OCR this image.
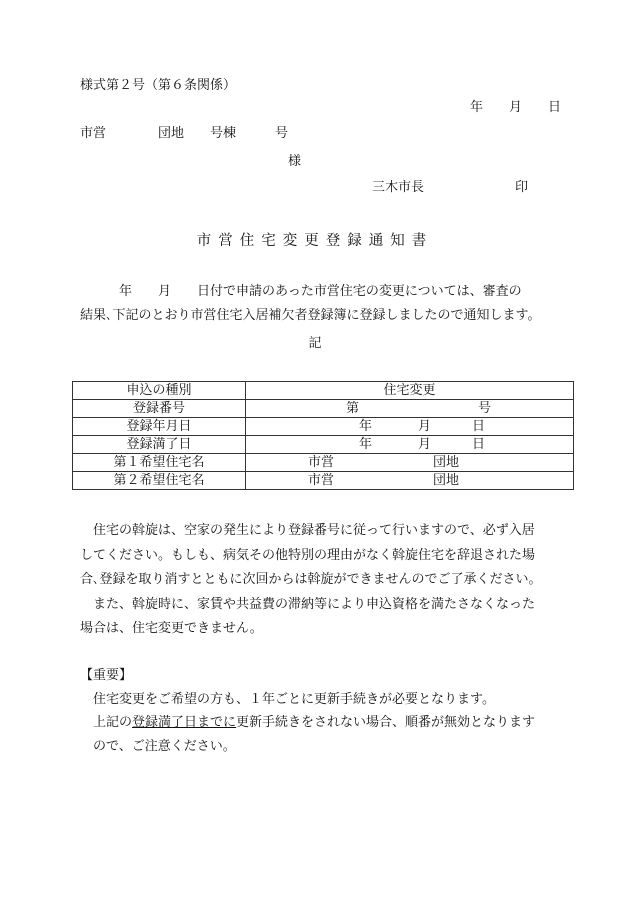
様式第２号（第６条関係）
年　　月　　日
市営　　　　団地　　号棟　　　号
様
三木市長　　　　　　　印
市営住宅変更登録通知書

　　　年　　月　　日付で申請のあった市営住宅の変更については、審査の

結果､下記のとおり市営住宅入居補欠者登録簿に登録しましたので通知します。

記
申込の種別	住宅変更
登録番号	第 号

登録年月日	年 月 日

登録満了日	年 月 日

第１希望住宅名	市営 団地

第２希望住宅名	市営 団地

　住宅の斡旋は、空家の発生により登録番号に従って行いますので、必ず入居

してください。もしも、病気その他特別の理由がなく斡旋住宅を辞退された場

合､登録を取り消すとともに次回からは斡旋ができませんのでご了承ください。

　また、斡旋時に、家賃や共益費の滞納等により申込資格を満たさなくなった

場合は、住宅変更できません。

【重要】

　住宅変更をご希望の方も、１年ごとに更新手続きが必要となります。

　上記の登録満了日までに更新手続きをされない場合、順番が無効となります

　ので、ご注意ください。
